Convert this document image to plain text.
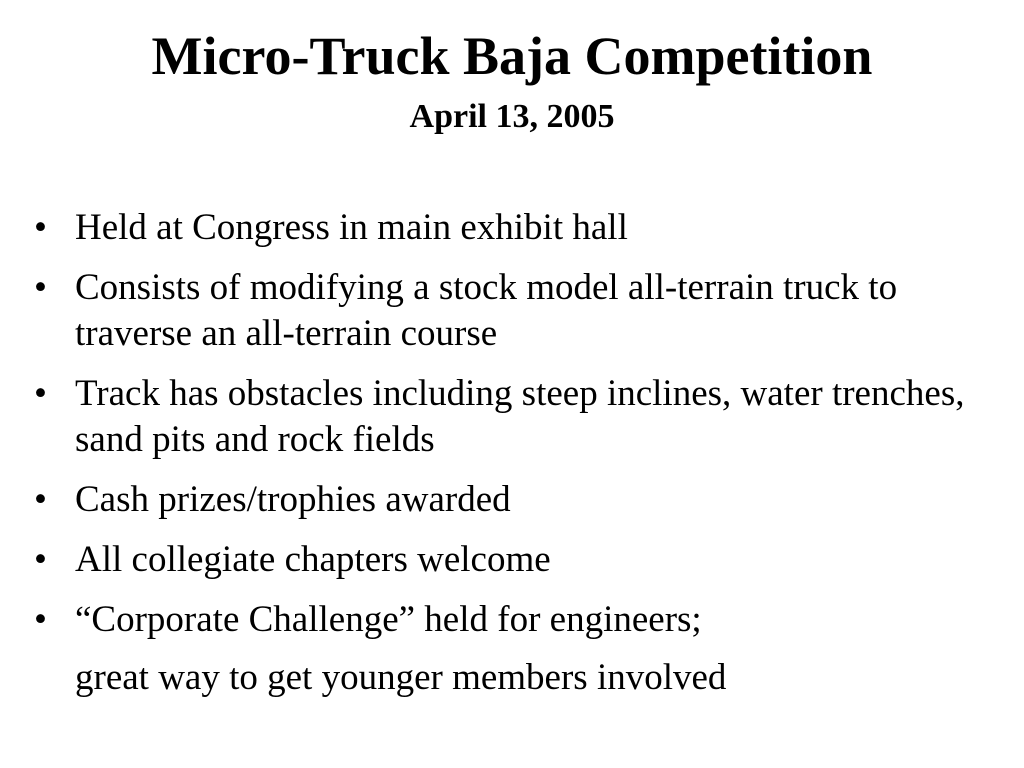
Micro-Truck Baja Competition
April 13, 2005
• Held at Congress in main exhibit hall
• Consists of modifying a stock model all-terrain truck to traverse an all-terrain course
• Track has obstacles including steep inclines, water trenches, sand pits and rock fields
• Cash prizes/trophies awarded
• All collegiate chapters welcome
• “Corporate Challenge” held for engineers;
great way to get younger members involved
